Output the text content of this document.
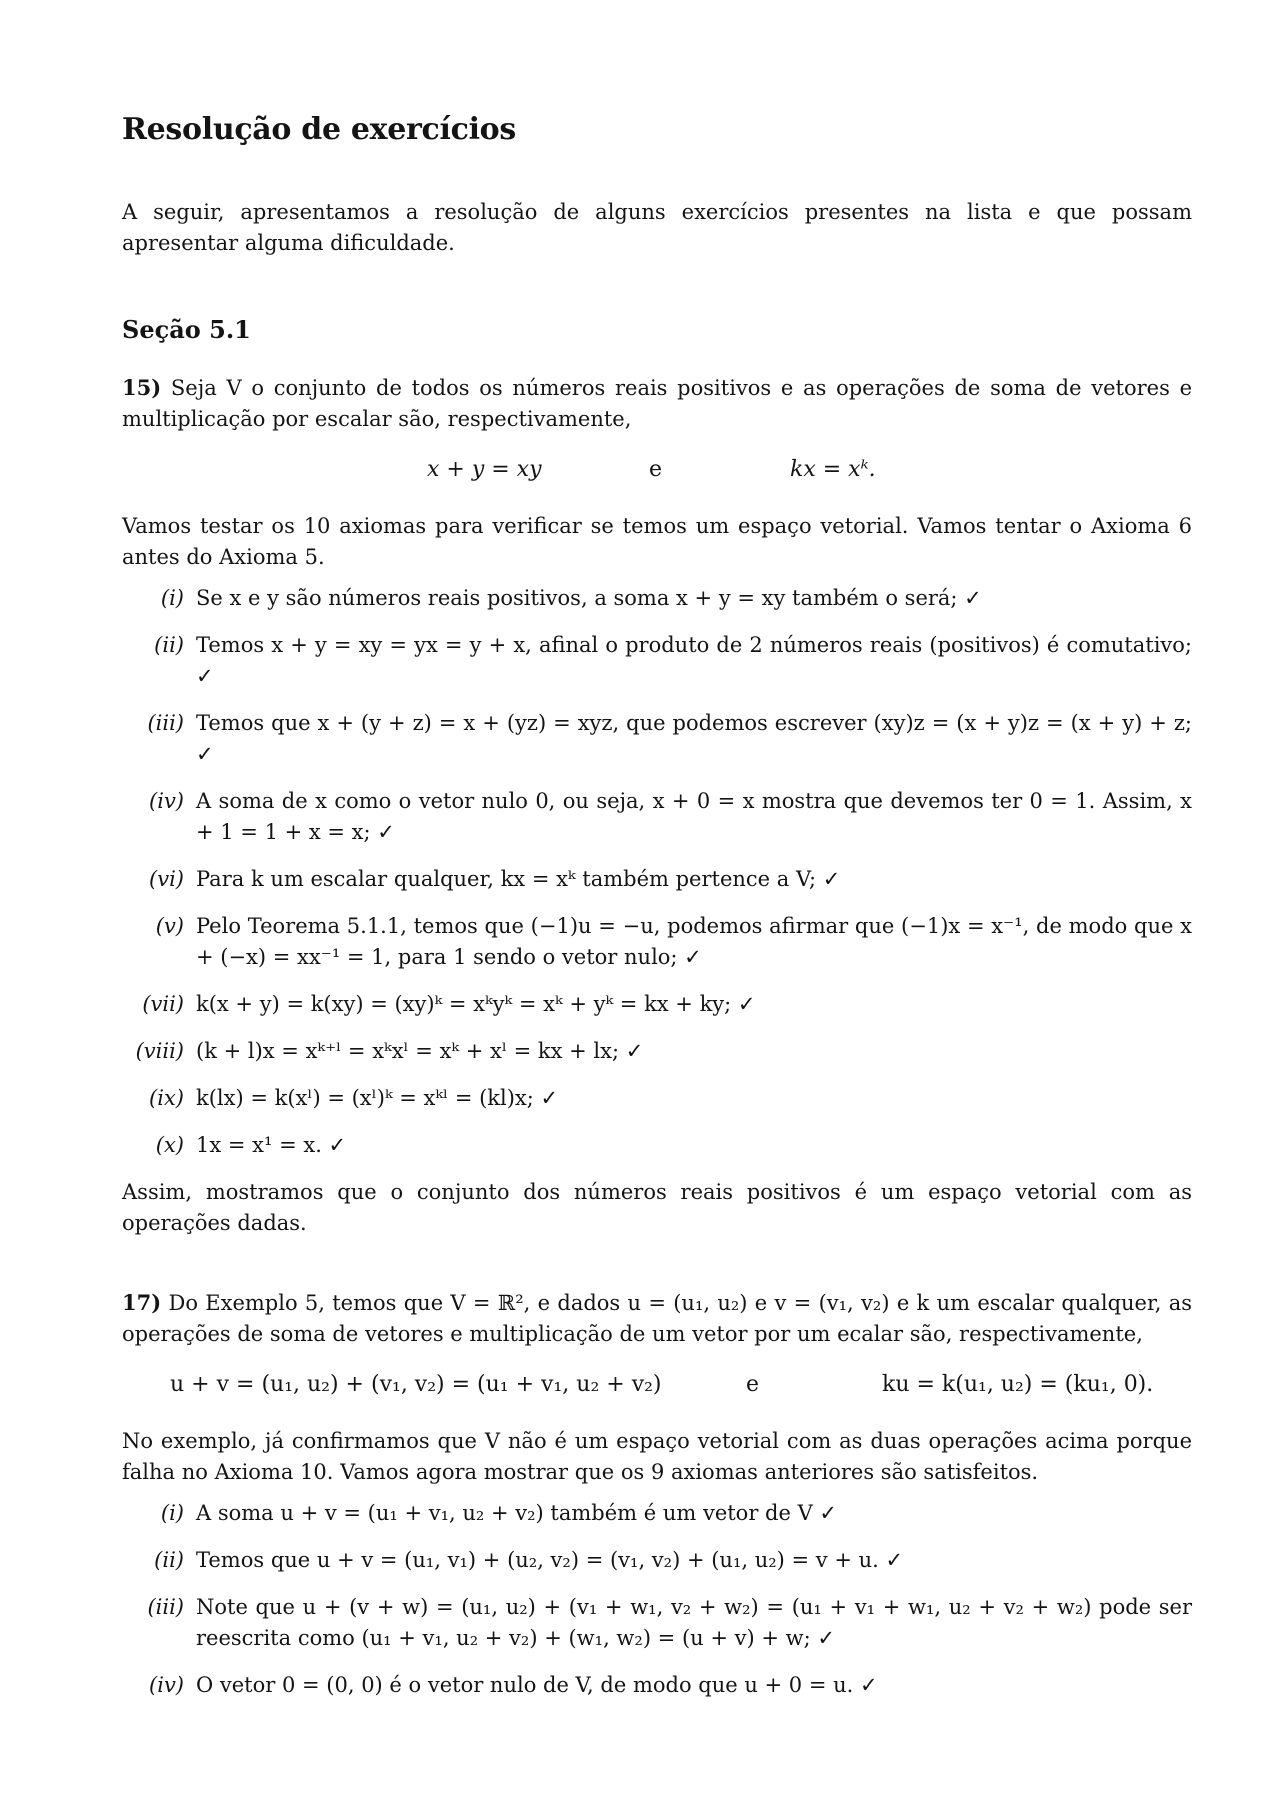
Resolução de exercícios

A seguir, apresentamos a resolução de alguns exercícios presentes na lista e que possam apresentar alguma dificuldade.

Seção 5.1

15) Seja V o conjunto de todos os números reais positivos e as operações de soma de vetores e multiplicação por escalar são, respectivamente,

x + y = xy	e	kx = xᵏ.

Vamos testar os 10 axiomas para verificar se temos um espaço vetorial. Vamos tentar o Axioma 6 antes do Axioma 5.

(i) Se x e y são números reais positivos, a soma x + y = xy também o será; ✓
(ii) Temos x + y = xy = yx = y + x, afinal o produto de 2 números reais (positivos) é comutativo; ✓
(iii) Temos que x + (y + z) = x + (yz) = xyz, que podemos escrever (xy)z = (x + y)z = (x + y) + z; ✓
(iv) A soma de x como o vetor nulo 0, ou seja, x + 0 = x mostra que devemos ter 0 = 1. Assim, x + 1 = 1 + x = x; ✓
(vi) Para k um escalar qualquer, kx = xᵏ também pertence a V; ✓
(v) Pelo Teorema 5.1.1, temos que (−1)u = −u, podemos afirmar que (−1)x = x⁻¹, de modo que x + (−x) = xx⁻¹ = 1, para 1 sendo o vetor nulo; ✓
(vii) k(x + y) = k(xy) = (xy)ᵏ = xᵏyᵏ = xᵏ + yᵏ = kx + ky; ✓
(viii) (k + l)x = xᵏ⁺ˡ = xᵏxˡ = xᵏ + xˡ = kx + lx; ✓
(ix) k(lx) = k(xˡ) = (xˡ)ᵏ = xᵏˡ = (kl)x; ✓
(x) 1x = x¹ = x. ✓

Assim, mostramos que o conjunto dos números reais positivos é um espaço vetorial com as operações dadas.

17) Do Exemplo 5, temos que V = ℝ², e dados u = (u₁, u₂) e v = (v₁, v₂) e k um escalar qualquer, as operações de soma de vetores e multiplicação de um vetor por um ecalar são, respectivamente,

u + v = (u₁, u₂) + (v₁, v₂) = (u₁ + v₁, u₂ + v₂)	e	ku = k(u₁, u₂) = (ku₁, 0).

No exemplo, já confirmamos que V não é um espaço vetorial com as duas operações acima porque falha no Axioma 10. Vamos agora mostrar que os 9 axiomas anteriores são satisfeitos.

(i) A soma u + v = (u₁ + v₁, u₂ + v₂) também é um vetor de V ✓
(ii) Temos que u + v = (u₁, v₁) + (u₂, v₂) = (v₁, v₂) + (u₁, u₂) = v + u. ✓
(iii) Note que u + (v + w) = (u₁, u₂) + (v₁ + w₁, v₂ + w₂) = (u₁ + v₁ + w₁, u₂ + v₂ + w₂) pode ser reescrita como (u₁ + v₁, u₂ + v₂) + (w₁, w₂) = (u + v) + w; ✓
(iv) O vetor 0 = (0, 0) é o vetor nulo de V, de modo que u + 0 = u. ✓
